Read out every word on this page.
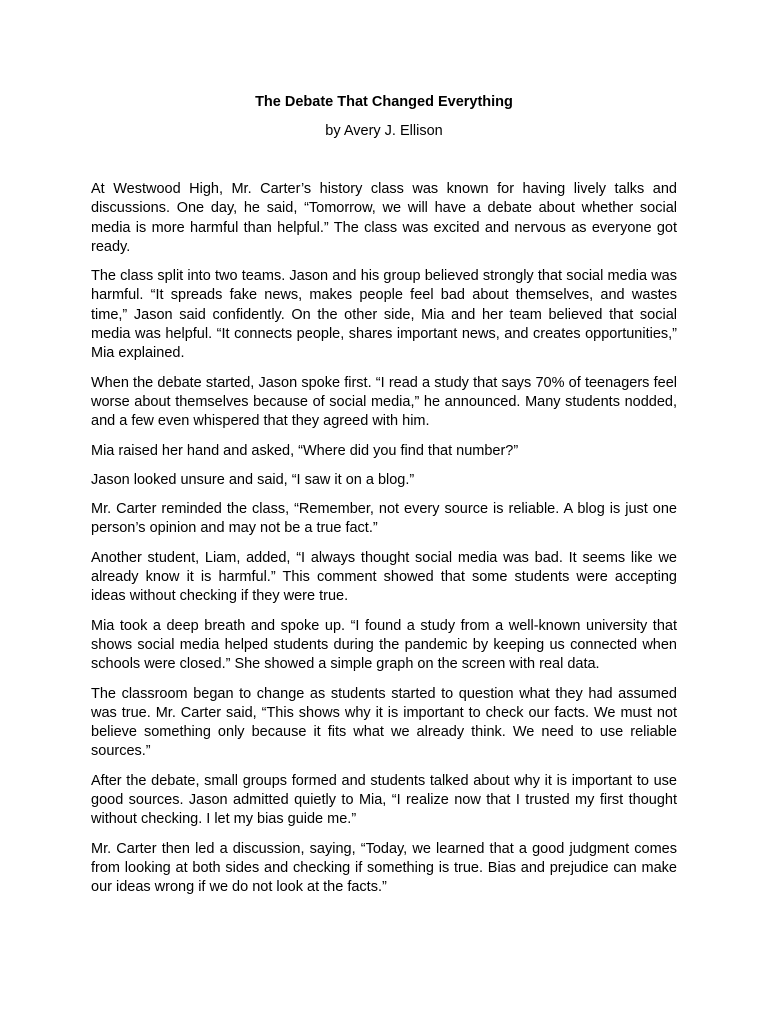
The Debate That Changed Everything

by Avery J. Ellison

At Westwood High, Mr. Carter’s history class was known for having lively talks and discussions. One day, he said, “Tomorrow, we will have a debate about whether social media is more harmful than helpful.” The class was excited and nervous as everyone got ready.

The class split into two teams. Jason and his group believed strongly that social media was harmful. “It spreads fake news, makes people feel bad about themselves, and wastes time,” Jason said confidently. On the other side, Mia and her team believed that social media was helpful. “It connects people, shares important news, and creates opportunities,” Mia explained.

When the debate started, Jason spoke first. “I read a study that says 70% of teenagers feel worse about themselves because of social media,” he announced. Many students nodded, and a few even whispered that they agreed with him.

Mia raised her hand and asked, “Where did you find that number?”

Jason looked unsure and said, “I saw it on a blog.”

Mr. Carter reminded the class, “Remember, not every source is reliable. A blog is just one person’s opinion and may not be a true fact.”

Another student, Liam, added, “I always thought social media was bad. It seems like we already know it is harmful.” This comment showed that some students were accepting ideas without checking if they were true.

Mia took a deep breath and spoke up. “I found a study from a well-known university that shows social media helped students during the pandemic by keeping us connected when schools were closed.” She showed a simple graph on the screen with real data.

The classroom began to change as students started to question what they had assumed was true. Mr. Carter said, “This shows why it is important to check our facts. We must not believe something only because it fits what we already think. We need to use reliable sources.”

After the debate, small groups formed and students talked about why it is important to use good sources. Jason admitted quietly to Mia, “I realize now that I trusted my first thought without checking. I let my bias guide me.”

Mr. Carter then led a discussion, saying, “Today, we learned that a good judgment comes from looking at both sides and checking if something is true. Bias and prejudice can make our ideas wrong if we do not look at the facts.”
